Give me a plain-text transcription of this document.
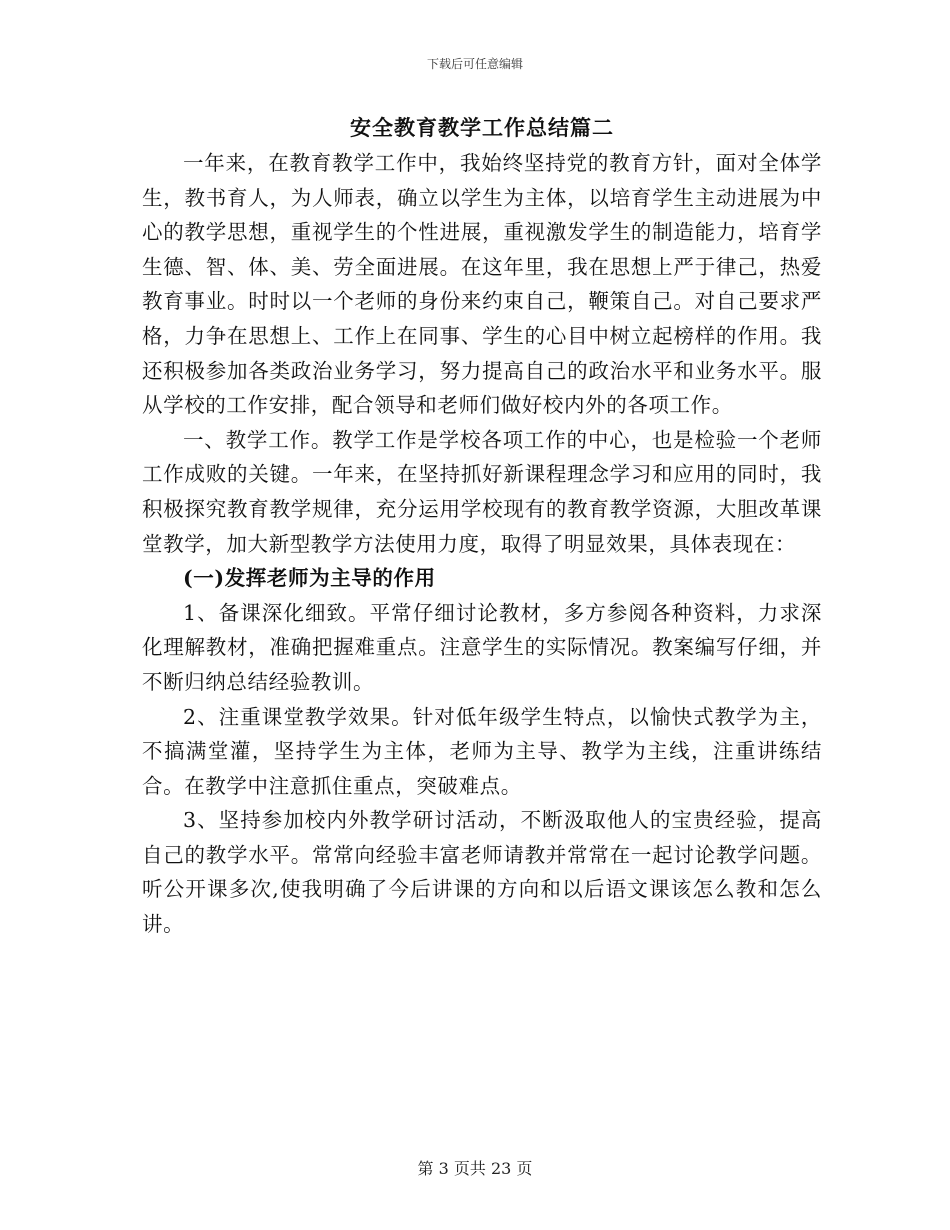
下载后可任意编辑
安全教育教学工作总结篇二

一年来，在教育教学工作中，我始终坚持党的教育方针，面对全体学生，教书育人，为人师表，确立以学生为主体，以培育学生主动进展为中心的教学思想，重视学生的个性进展，重视激发学生的制造能力，培育学生德、智、体、美、劳全面进展。在这年里，我在思想上严于律己，热爱教育事业。时时以一个老师的身份来约束自己，鞭策自己。对自己要求严格，力争在思想上、工作上在同事、学生的心目中树立起榜样的作用。我还积极参加各类政治业务学习，努力提高自己的政治水平和业务水平。服从学校的工作安排，配合领导和老师们做好校内外的各项工作。

一、教学工作。教学工作是学校各项工作的中心，也是检验一个老师工作成败的关键。一年来，在坚持抓好新课程理念学习和应用的同时，我积极探究教育教学规律，充分运用学校现有的教育教学资源，大胆改革课堂教学，加大新型教学方法使用力度，取得了明显效果，具体表现在：

(一)发挥老师为主导的作用

1、备课深化细致。平常仔细讨论教材，多方参阅各种资料，力求深化理解教材，准确把握难重点。注意学生的实际情况。教案编写仔细，并不断归纳总结经验教训。

2、注重课堂教学效果。针对低年级学生特点，以愉快式教学为主，不搞满堂灌，坚持学生为主体，老师为主导、教学为主线，注重讲练结合。在教学中注意抓住重点，突破难点。

3、坚持参加校内外教学研讨活动，不断汲取他人的宝贵经验，提高自己的教学水平。常常向经验丰富老师请教并常常在一起讨论教学问题。听公开课多次,使我明确了今后讲课的方向和以后语文课该怎么教和怎么讲。

第 3 页共 23 页
